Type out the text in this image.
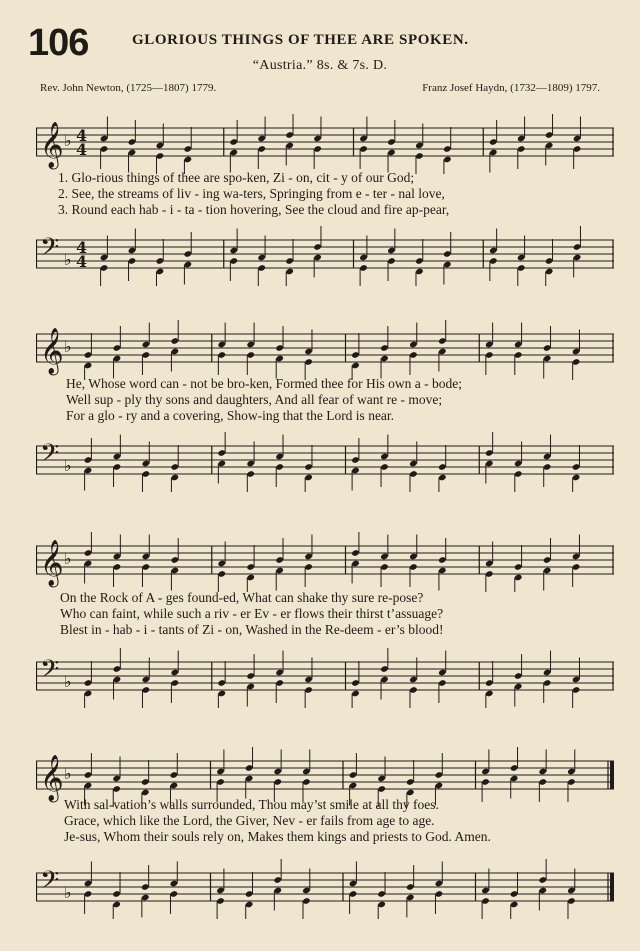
106	GLORIOUS THINGS OF THEE ARE SPOKEN.
“Austria.” 8s. & 7s. D.
Rev. John Newton, (1725—1807) 1779.	Franz Josef Haydn, (1732—1809) 1797.
𝄞 ♭ 4
4
1. Glo-rious things of thee are spo-ken, Zi - on, cit - y of our God;
2. See, the streams of liv - ing wa-ters, Springing from e - ter - nal love,
3. Round each hab - i - ta - tion hovering, See the cloud and fire ap-pear,
𝄢 ♭
4
4
𝄞 ♭
He, Whose word can - not be bro-ken, Formed thee for His own a - bode;
Well sup - ply thy sons and daughters, And all fear of want re - move;
For a glo - ry and a covering, Show-ing that the Lord is near.
𝄢 ♭
𝄞 ♭
On the Rock of A - ges found-ed, What can shake thy sure re-pose?
Who can faint, while such a riv - er Ev - er flows their thirst t’assuage?
Blest in - hab - i - tants of Zi - on, Washed in the Re-deem - er’s blood!
𝄢 ♭
𝄞 ♭
With sal-vation’s walls surrounded, Thou may’st smile at all thy foes.
Grace, which like the Lord, the Giver, Nev - er fails from age to age.
Je-sus, Whom their souls rely on, Makes them kings and priests to God. Amen.
𝄢 ♭
